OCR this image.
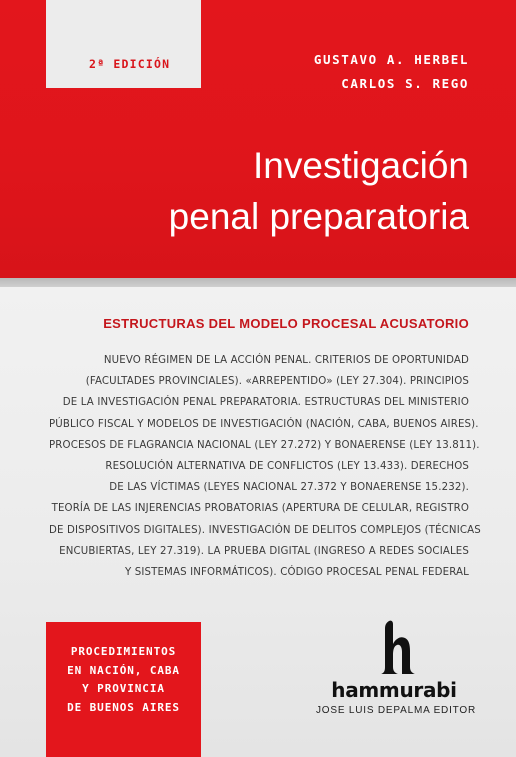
2ª EDICIÓN	GUSTAVO A. HERBEL
CARLOS S. REGO
Investigación
penal preparatoria
ESTRUCTURAS DEL MODELO PROCESAL ACUSATORIO
NUEVO RÉGIMEN DE LA ACCIÓN PENAL. CRITERIOS DE OPORTUNIDAD
(FACULTADES PROVINCIALES). «ARREPENTIDO» (LEY 27.304). PRINCIPIOS
DE LA INVESTIGACIÓN PENAL PREPARATORIA. ESTRUCTURAS DEL MINISTERIO
PÚBLICO FISCAL Y MODELOS DE INVESTIGACIÓN (NACIÓN, CABA, BUENOS AIRES).
PROCESOS DE FLAGRANCIA NACIONAL (LEY 27.272) Y BONAERENSE (LEY 13.811).
RESOLUCIÓN ALTERNATIVA DE CONFLICTOS (LEY 13.433). DERECHOS
DE LAS VÍCTIMAS (LEYES NACIONAL 27.372 Y BONAERENSE 15.232).
TEORÍA DE LAS INJERENCIAS PROBATORIAS (APERTURA DE CELULAR, REGISTRO
DE DISPOSITIVOS DIGITALES). INVESTIGACIÓN DE DELITOS COMPLEJOS (TÉCNICAS
ENCUBIERTAS, LEY 27.319). LA PRUEBA DIGITAL (INGRESO A REDES SOCIALES
Y SISTEMAS INFORMÁTICOS). CÓDIGO PROCESAL PENAL FEDERAL
PROCEDIMIENTOS
EN NACIÓN, CABA
Y PROVINCIA
DE BUENOS AIRES
hammurabi
JOSE LUIS DEPALMA EDITOR
